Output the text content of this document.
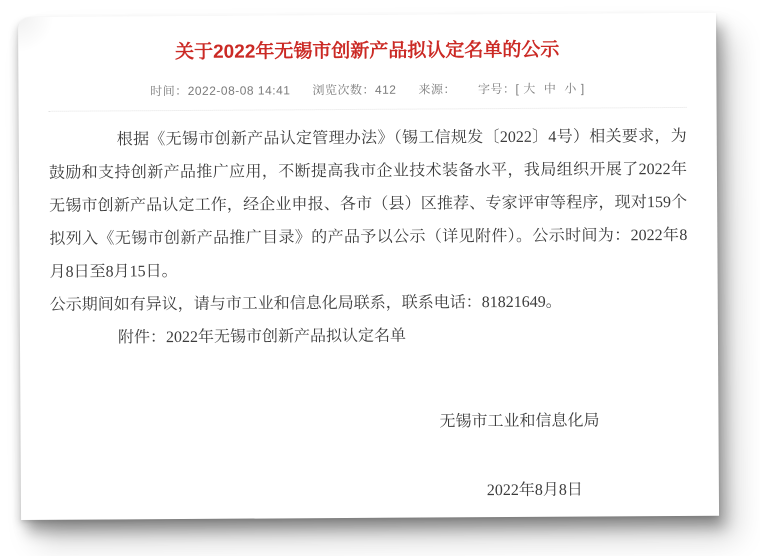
关于2022年无锡市创新产品拟认定名单的公示
时间：2022-08-08 14:41 浏览次数：412 来源： 字号： [ 大 中 小 ]

根据《无锡市创新产品认定管理办法》（锡工信规发〔2022〕4号）相关要求，为鼓励和支持创新产品推广应用，不断提高我市企业技术装备水平，我局组织开展了2022年无锡市创新产品认定工作，经企业申报、各市（县）区推荐、专家评审等程序，现对159个拟列入《无锡市创新产品推广目录》的产品予以公示（详见附件）。公示时间为：2022年8月8日至8月15日。

公示期间如有异议，请与市工业和信息化局联系，联系电话：81821649。

附件：2022年无锡市创新产品拟认定名单

无锡市工业和信息化局
2022年8月8日
